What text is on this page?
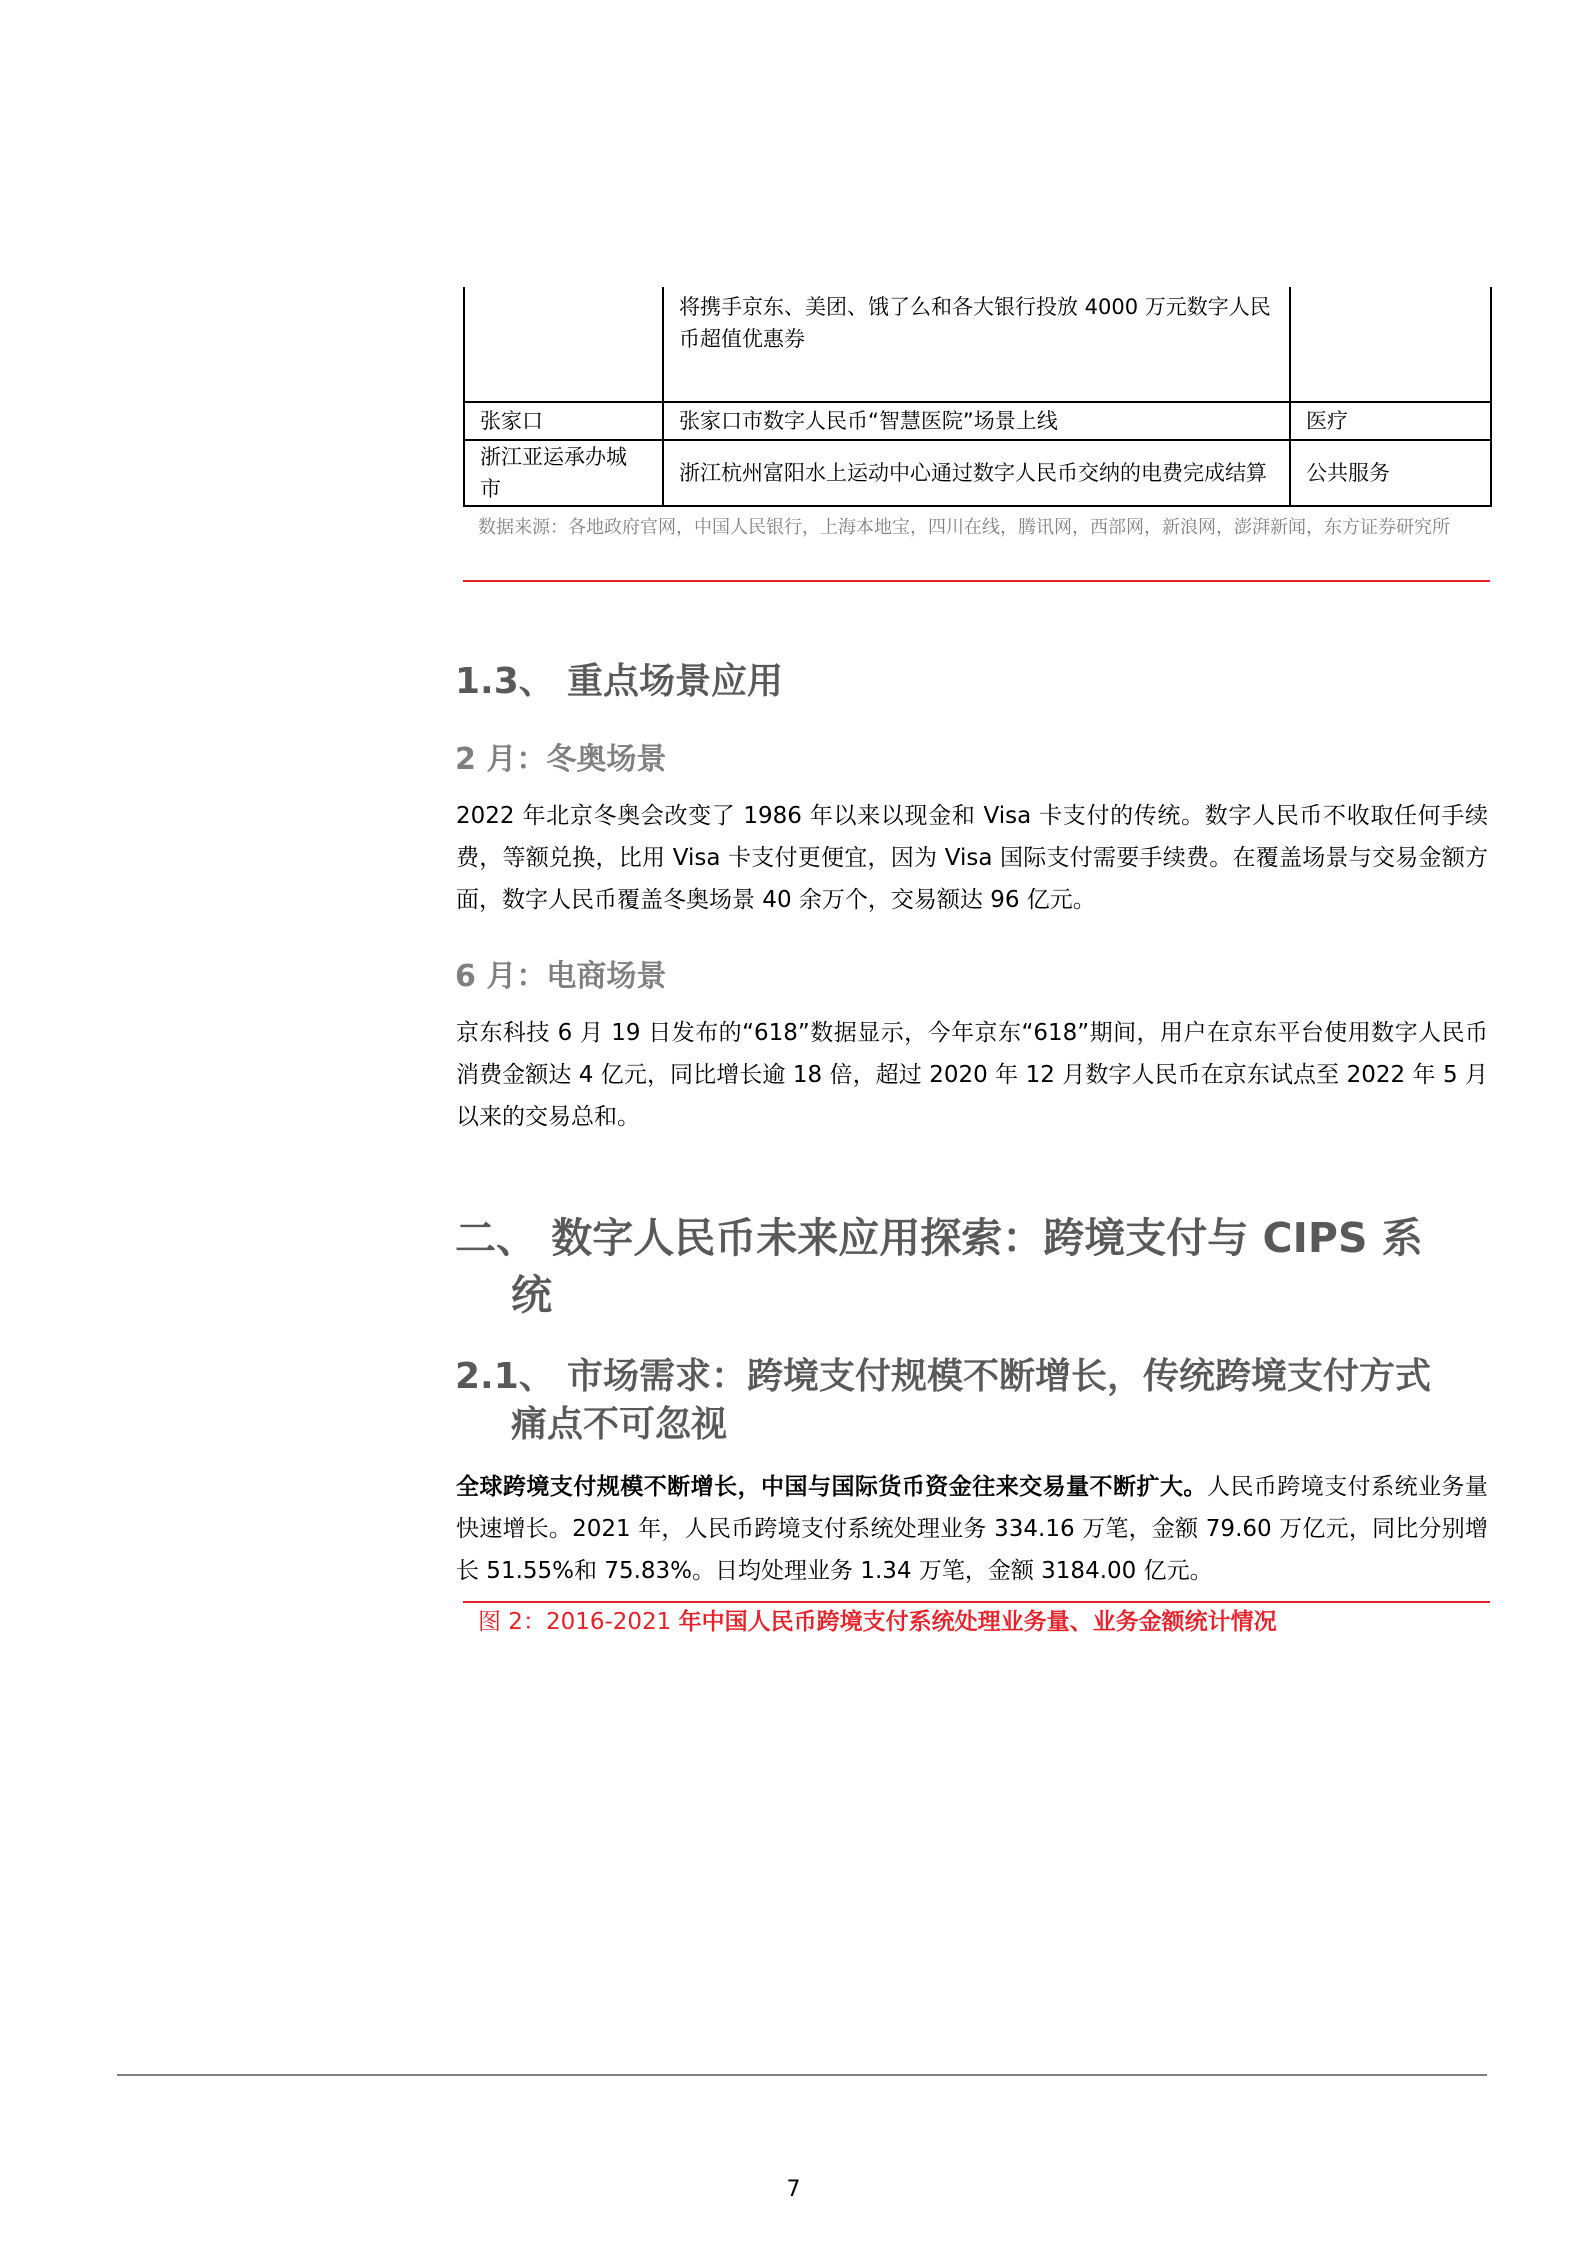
	将携手京东、美团、饿了么和各大银行投放 4000 万元数字人民币超值优惠券	
张家口	张家口市数字人民币“智慧医院”场景上线	医疗
浙江亚运承办城市	浙江杭州富阳水上运动中心通过数字人民币交纳的电费完成结算	公共服务
数据来源：各地政府官网，中国人民银行，上海本地宝，四川在线，腾讯网，西部网，新浪网，澎湃新闻，东方证券研究所
1.3、 重点场景应用
2 月：冬奥场景

2022 年北京冬奥会改变了 1986 年以来以现金和 Visa 卡支付的传统。数字人民币不收取任何手续费，等额兑换，比用 Visa 卡支付更便宜，因为 Visa 国际支付需要手续费。在覆盖场景与交易金额方面，数字人民币覆盖冬奥场景 40 余万个，交易额达 96 亿元。

6 月：电商场景

京东科技 6 月 19 日发布的“618”数据显示，今年京东“618”期间，用户在京东平台使用数字人民币消费金额达 4 亿元，同比增长逾 18 倍，超过 2020 年 12 月数字人民币在京东试点至 2022 年 5 月以来的交易总和。

二、 数字人民币未来应用探索：跨境支付与 CIPS 系
统
2.1、 市场需求：跨境支付规模不断增长，传统跨境支付方式
痛点不可忽视

全球跨境支付规模不断增长，中国与国际货币资金往来交易量不断扩大。人民币跨境支付系统业务量快速增长。2021 年，人民币跨境支付系统处理业务 334.16 万笔，金额 79.60 万亿元，同比分别增长 51.55%和 75.83%。日均处理业务 1.34 万笔，金额 3184.00 亿元。

图 2：2016-2021 年中国人民币跨境支付系统处理业务量、业务金额统计情况

7
